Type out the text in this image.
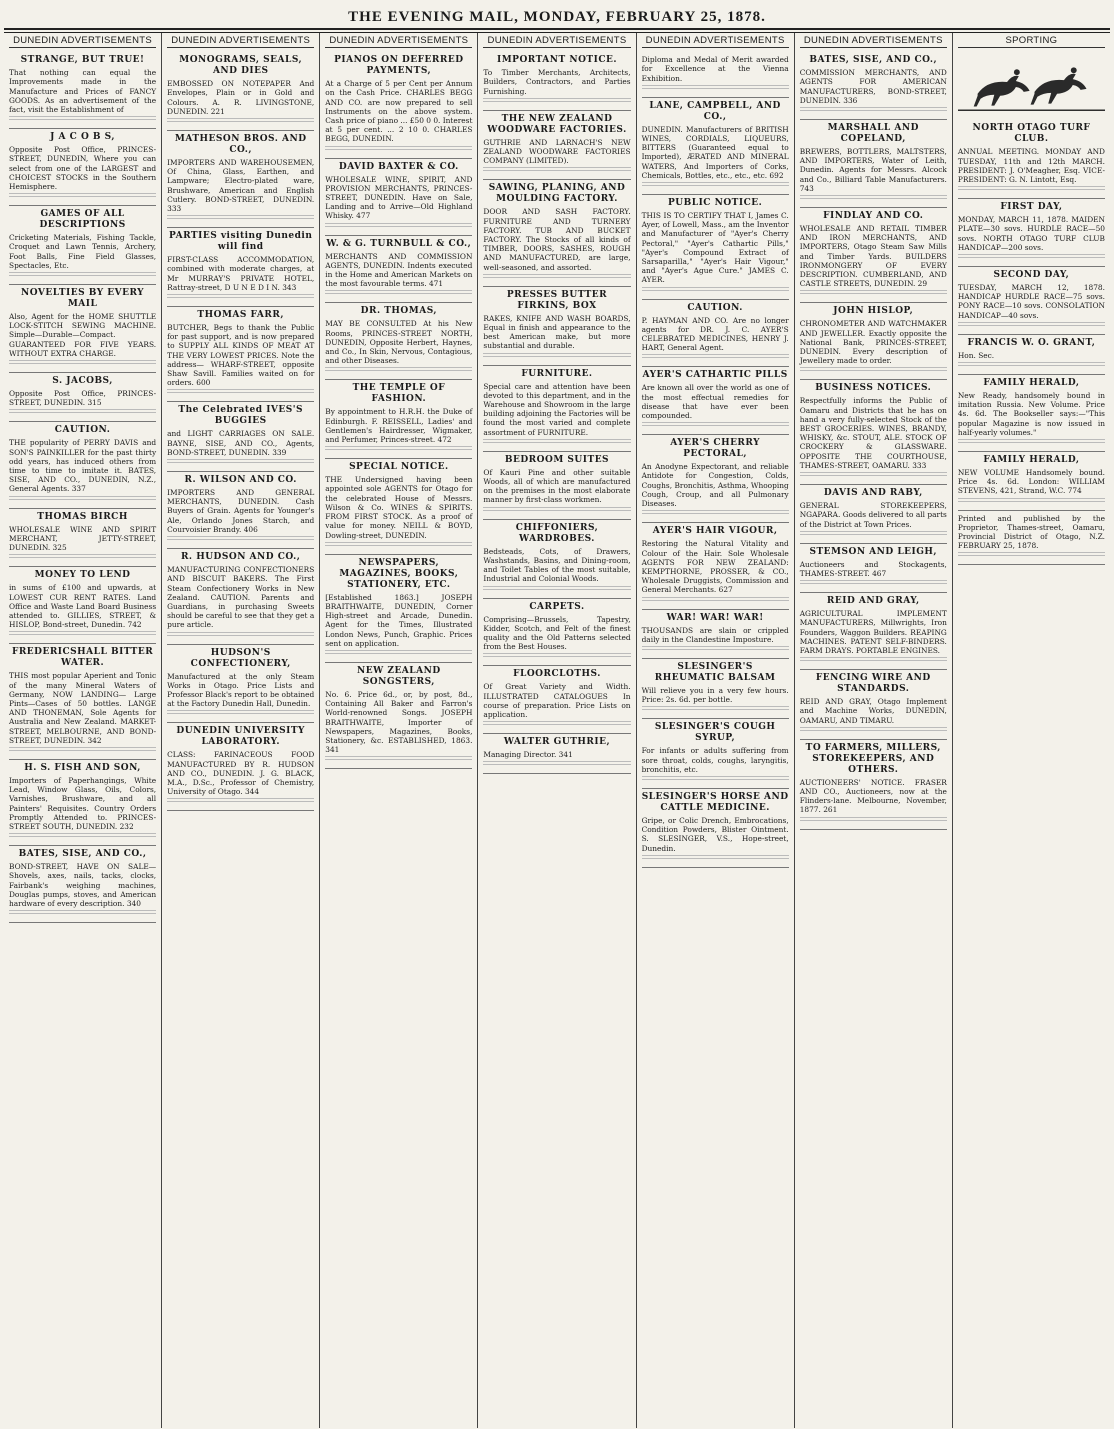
THE EVENING MAIL, MONDAY, FEBRUARY 25, 1878.
DUNEDIN ADVERTISEMENTS
STRANGE, BUT TRUE!

That nothing can equal the Improvements made in the Manufacture and Prices of FANCY GOODS. As an advertisement of the fact, visit the Establishment of

J A C O B S,

Opposite Post Office, PRINCES-STREET, DUNEDIN, Where you can select from one of the LARGEST and CHOICEST STOCKS in the Southern Hemisphere.

GAMES OF ALL DESCRIPTIONS

Cricketing Materials, Fishing Tackle, Croquet and Lawn Tennis, Archery, Foot Balls, Fine Field Glasses, Spectacles, Etc.

NOVELTIES BY EVERY MAIL

Also, Agent for the HOME SHUTTLE LOCK-STITCH SEWING MACHINE. Simple—Durable—Compact. GUARANTEED FOR FIVE YEARS. WITHOUT EXTRA CHARGE.

S. JACOBS,

Opposite Post Office, PRINCES-STREET, DUNEDIN. 315

CAUTION.

THE popularity of PERRY DAVIS and SON'S PAINKILLER for the past thirty odd years, has induced others from time to time to imitate it. BATES, SISE, AND CO., DUNEDIN, N.Z., General Agents. 337

THOMAS BIRCH

WHOLESALE WINE AND SPIRIT MERCHANT, JETTY-STREET, DUNEDIN. 325

MONEY TO LEND

in sums of £100 and upwards, at LOWEST CUR RENT RATES. Land Office and Waste Land Board Business attended to. GILLIES, STREET, & HISLOP, Bond-street, Dunedin. 742

FREDERICSHALL BITTER WATER.

THIS most popular Aperient and Tonic of the many Mineral Waters of Germany, NOW LANDING— Large Pints—Cases of 50 bottles. LANGE AND THONEMAN, Sole Agents for Australia and New Zealand. MARKET-STREET, MELBOURNE, AND BOND-STREET, DUNEDIN. 342

H. S. FISH AND SON,

Importers of Paperhangings, White Lead, Window Glass, Oils, Colors, Varnishes, Brushware, and all Painters' Requisites. Country Orders Promptly Attended to. PRINCES-STREET SOUTH, DUNEDIN. 232

BATES, SISE, AND CO.,

BOND-STREET, HAVE ON SALE— Shovels, axes, nails, tacks, clocks, Fairbank's weighing machines, Douglas pumps, stoves, and American hardware of every description. 340

DUNEDIN ADVERTISEMENTS
MONOGRAMS, SEALS, AND DIES

EMBOSSED ON NOTEPAPER And Envelopes, Plain or in Gold and Colours. A. R. LIVINGSTONE, DUNEDIN. 221

MATHESON BROS. AND CO.,

IMPORTERS AND WAREHOUSEMEN, Of China, Glass, Earthen, and Lampware; Electro-plated ware, Brushware, American and English Cutlery. BOND-STREET, DUNEDIN. 333

PARTIES visiting Dunedin will find

FIRST-CLASS ACCOMMODATION, combined with moderate charges, at Mr MURRAY'S PRIVATE HOTEL, Rattray-street, D U N E D I N. 343

THOMAS FARR,

BUTCHER, Begs to thank the Public for past support, and is now prepared to SUPPLY ALL KINDS OF MEAT AT THE VERY LOWEST PRICES. Note the address— WHARF-STREET, opposite Shaw Savill. Families waited on for orders. 600

The Celebrated IVES'S BUGGIES

and LIGHT CARRIAGES ON SALE. BAYNE, SISE, AND CO., Agents, BOND-STREET, DUNEDIN. 339

R. WILSON AND CO.

IMPORTERS AND GENERAL MERCHANTS, DUNEDIN. Cash Buyers of Grain. Agents for Younger's Ale, Orlando Jones Starch, and Courvoisier Brandy. 406

R. HUDSON AND CO.,

MANUFACTURING CONFECTIONERS AND BISCUIT BAKERS. The First Steam Confectionery Works in New Zealand. CAUTION. Parents and Guardians, in purchasing Sweets should be careful to see that they get a pure article.

HUDSON'S CONFECTIONERY,

Manufactured at the only Steam Works in Otago. Price Lists and Professor Black's report to be obtained at the Factory Dunedin Hall, Dunedin.

DUNEDIN UNIVERSITY LABORATORY.

CLASS: FARINACEOUS FOOD MANUFACTURED BY R. HUDSON AND CO., DUNEDIN. J. G. BLACK, M.A., D.Sc., Professor of Chemistry, University of Otago. 344

DUNEDIN ADVERTISEMENTS
PIANOS ON DEFERRED PAYMENTS,

At a Charge of 5 per Cent per Annum on the Cash Price. CHARLES BEGG AND CO. are now prepared to sell Instruments on the above system. Cash price of piano ... £50 0 0. Interest at 5 per cent. ... 2 10 0. CHARLES BEGG, DUNEDIN.

DAVID BAXTER & CO.

WHOLESALE WINE, SPIRIT, AND PROVISION MERCHANTS, PRINCES-STREET, DUNEDIN. Have on Sale, Landing and to Arrive—Old Highland Whisky. 477

W. & G. TURNBULL & CO.,

MERCHANTS AND COMMISSION AGENTS, DUNEDIN. Indents executed in the Home and American Markets on the most favourable terms. 471

DR. THOMAS,

MAY BE CONSULTED At his New Rooms, PRINCES-STREET NORTH, DUNEDIN, Opposite Herbert, Haynes, and Co., In Skin, Nervous, Contagious, and other Diseases.

THE TEMPLE OF FASHION.

By appointment to H.R.H. the Duke of Edinburgh. F. REISSELL, Ladies' and Gentlemen's Hairdresser, Wigmaker, and Perfumer, Princes-street. 472

SPECIAL NOTICE.

THE Undersigned having been appointed sole AGENTS for Otago for the celebrated House of Messrs. Wilson & Co. WINES & SPIRITS. FROM FIRST STOCK. As a proof of value for money. NEILL & BOYD, Dowling-street, DUNEDIN.

NEWSPAPERS, MAGAZINES, BOOKS, STATIONERY, ETC.

[Established 1863.] JOSEPH BRAITHWAITE, DUNEDIN, Corner High-street and Arcade, Dunedin. Agent for the Times, Illustrated London News, Punch, Graphic. Prices sent on application.

NEW ZEALAND SONGSTERS,

No. 6. Price 6d., or, by post, 8d., Containing All Baker and Farron's World-renowned Songs. JOSEPH BRAITHWAITE, Importer of Newspapers, Magazines, Books, Stationery, &c. ESTABLISHED, 1863. 341

DUNEDIN ADVERTISEMENTS
IMPORTANT NOTICE.

To Timber Merchants, Architects, Builders, Contractors, and Parties Furnishing.

THE NEW ZEALAND WOODWARE FACTORIES.

GUTHRIE AND LARNACH'S NEW ZEALAND WOODWARE FACTORIES COMPANY (LIMITED).

SAWING, PLANING, AND MOULDING FACTORY.

DOOR AND SASH FACTORY. FURNITURE AND TURNERY FACTORY. TUB AND BUCKET FACTORY. The Stocks of all kinds of TIMBER, DOORS, SASHES, ROUGH AND MANUFACTURED, are large, well-seasoned, and assorted.

PRESSES BUTTER FIRKINS, BOX

RAKES, KNIFE AND WASH BOARDS, Equal in finish and appearance to the best American make, but more substantial and durable.

FURNITURE.

Special care and attention have been devoted to this department, and in the Warehouse and Showroom in the large building adjoining the Factories will be found the most varied and complete assortment of FURNITURE.

BEDROOM SUITES

Of Kauri Pine and other suitable Woods, all of which are manufactured on the premises in the most elaborate manner by first-class workmen.

CHIFFONIERS, WARDROBES.

Bedsteads, Cots, of Drawers, Washstands, Basins, and Dining-room, and Toilet Tables of the most suitable, Industrial and Colonial Woods.

CARPETS.

Comprising—Brussels, Tapestry, Kidder, Scotch, and Felt of the finest quality and the Old Patterns selected from the Best Houses.

FLOORCLOTHS.

Of Great Variety and Width. ILLUSTRATED CATALOGUES In course of preparation. Price Lists on application.

WALTER GUTHRIE,

Managing Director. 341

DUNEDIN ADVERTISEMENTS

Diploma and Medal of Merit awarded for Excellence at the Vienna Exhibition.

LANE, CAMPBELL, AND CO.,

DUNEDIN. Manufacturers of BRITISH WINES, CORDIALS, LIQUEURS, BITTERS (Guaranteed equal to Imported), ÆRATED AND MINERAL WATERS, And Importers of Corks, Chemicals, Bottles, etc., etc., etc. 692

PUBLIC NOTICE.

THIS IS TO CERTIFY THAT I, James C. Ayer, of Lowell, Mass., am the Inventor and Manufacturer of "Ayer's Cherry Pectoral," "Ayer's Cathartic Pills," "Ayer's Compound Extract of Sarsaparilla," "Ayer's Hair Vigour," and "Ayer's Ague Cure." JAMES C. AYER.

CAUTION.

P. HAYMAN AND CO. Are no longer agents for DR. J. C. AYER'S CELEBRATED MEDICINES, HENRY J. HART, General Agent.

AYER'S CATHARTIC PILLS

Are known all over the world as one of the most effectual remedies for disease that have ever been compounded.

AYER'S CHERRY PECTORAL,

An Anodyne Expectorant, and reliable Antidote for Congestion, Colds, Coughs, Bronchitis, Asthma, Whooping Cough, Croup, and all Pulmonary Diseases.

AYER'S HAIR VIGOUR,

Restoring the Natural Vitality and Colour of the Hair. Sole Wholesale AGENTS FOR NEW ZEALAND: KEMPTHORNE, PROSSER, & CO., Wholesale Druggists, Commission and General Merchants. 627

WAR! WAR! WAR!

THOUSANDS are slain or crippled daily in the Clandestine Imposture.

SLESINGER'S RHEUMATIC BALSAM

Will relieve you in a very few hours. Price: 2s. 6d. per bottle.

SLESINGER'S COUGH SYRUP,

For infants or adults suffering from sore throat, colds, coughs, laryngitis, bronchitis, etc.

SLESINGER'S HORSE AND CATTLE MEDICINE.

Gripe, or Colic Drench, Embrocations, Condition Powders, Blister Ointment. S. SLESINGER, V.S., Hope-street, Dunedin.

DUNEDIN ADVERTISEMENTS
BATES, SISE, AND CO.,

COMMISSION MERCHANTS, AND AGENTS FOR AMERICAN MANUFACTURERS, BOND-STREET, DUNEDIN. 336

MARSHALL AND COPELAND,

BREWERS, BOTTLERS, MALTSTERS, AND IMPORTERS, Water of Leith, Dunedin. Agents for Messrs. Alcock and Co., Billiard Table Manufacturers. 743

FINDLAY AND CO.

WHOLESALE AND RETAIL TIMBER AND IRON MERCHANTS, AND IMPORTERS, Otago Steam Saw Mills and Timber Yards. BUILDERS IRONMONGERY OF EVERY DESCRIPTION. CUMBERLAND, AND CASTLE STREETS, DUNEDIN. 29

JOHN HISLOP,

CHRONOMETER AND WATCHMAKER AND JEWELLER. Exactly opposite the National Bank, PRINCES-STREET, DUNEDIN. Every description of Jewellery made to order.

BUSINESS NOTICES.

Respectfully informs the Public of Oamaru and Districts that he has on hand a very fully-selected Stock of the BEST GROCERIES. WINES, BRANDY, WHISKY, &c. STOUT, ALE. STOCK OF CROCKERY & GLASSWARE. OPPOSITE THE COURTHOUSE, THAMES-STREET, OAMARU. 333

DAVIS AND RABY,

GENERAL STOREKEEPERS, NGAPARA. Goods delivered to all parts of the District at Town Prices.

STEMSON AND LEIGH,

Auctioneers and Stockagents, THAMES-STREET. 467

REID AND GRAY,

AGRICULTURAL IMPLEMENT MANUFACTURERS, Millwrights, Iron Founders, Waggon Builders. REAPING MACHINES. PATENT SELF-BINDERS. FARM DRAYS. PORTABLE ENGINES.

FENCING WIRE AND STANDARDS.

REID AND GRAY, Otago Implement and Machine Works, DUNEDIN, OAMARU, AND TIMARU.

TO FARMERS, MILLERS, STOREKEEPERS, AND OTHERS.

AUCTIONEERS' NOTICE. FRASER AND CO., Auctioneers, now at the Flinders-lane. Melbourne, November, 1877. 261

SPORTING
NORTH OTAGO TURF CLUB.

ANNUAL MEETING. MONDAY AND TUESDAY, 11th and 12th MARCH. PRESIDENT: J. O'Meagher, Esq. VICE-PRESIDENT: G. N. Lintott, Esq.

FIRST DAY,

MONDAY, MARCH 11, 1878. MAIDEN PLATE—30 sovs. HURDLE RACE—50 sovs. NORTH OTAGO TURF CLUB HANDICAP—200 sovs.

SECOND DAY,

TUESDAY, MARCH 12, 1878. HANDICAP HURDLE RACE—75 sovs. PONY RACE—10 sovs. CONSOLATION HANDICAP—40 sovs.

FRANCIS W. O. GRANT,

Hon. Sec.

FAMILY HERALD,

New Ready, handsomely bound in imitation Russia. New Volume. Price 4s. 6d. The Bookseller says:—"This popular Magazine is now issued in half-yearly volumes."

FAMILY HERALD,

NEW VOLUME Handsomely bound. Price 4s. 6d. London: WILLIAM STEVENS, 421, Strand, W.C. 774

Printed and published by the Proprietor, Thames-street, Oamaru, Provincial District of Otago, N.Z. FEBRUARY 25, 1878.
